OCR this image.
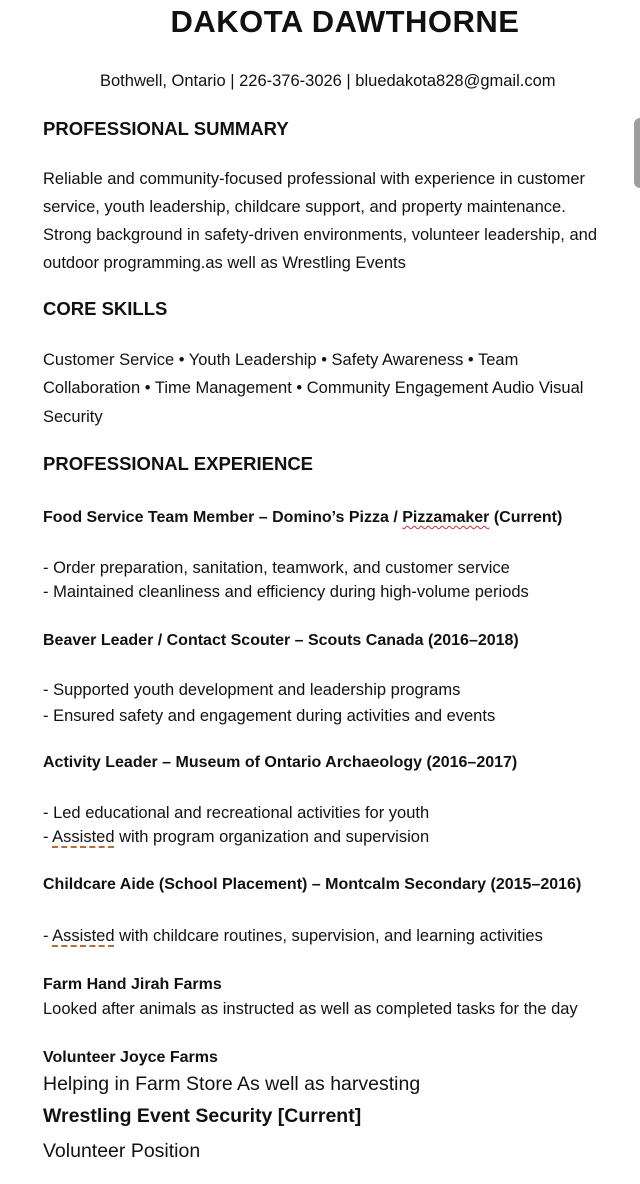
DAKOTA DAWTHORNE
Bothwell, Ontario | 226-376-3026 | bluedakota828@gmail.com
PROFESSIONAL SUMMARY
Reliable and community-focused professional with experience in customer
service, youth leadership, childcare support, and property maintenance.
Strong background in safety-driven environments, volunteer leadership, and
outdoor programming.as well as Wrestling Events
CORE SKILLS
Customer Service • Youth Leadership • Safety Awareness • Team
Collaboration • Time Management • Community Engagement Audio Visual
Security
PROFESSIONAL EXPERIENCE
Food Service Team Member – Domino’s Pizza / Pizzamaker (Current)
- Order preparation, sanitation, teamwork, and customer service
- Maintained cleanliness and efficiency during high-volume periods
Beaver Leader / Contact Scouter – Scouts Canada (2016–2018)
- Supported youth development and leadership programs
- Ensured safety and engagement during activities and events
Activity Leader – Museum of Ontario Archaeology (2016–2017)
- Led educational and recreational activities for youth
- Assisted with program organization and supervision
Childcare Aide (School Placement) – Montcalm Secondary (2015–2016)
- Assisted with childcare routines, supervision, and learning activities
Farm Hand Jirah Farms
Looked after animals as instructed as well as completed tasks for the day
Volunteer Joyce Farms
Helping in Farm Store As well as harvesting
Wrestling Event Security [Current]
Volunteer Position
